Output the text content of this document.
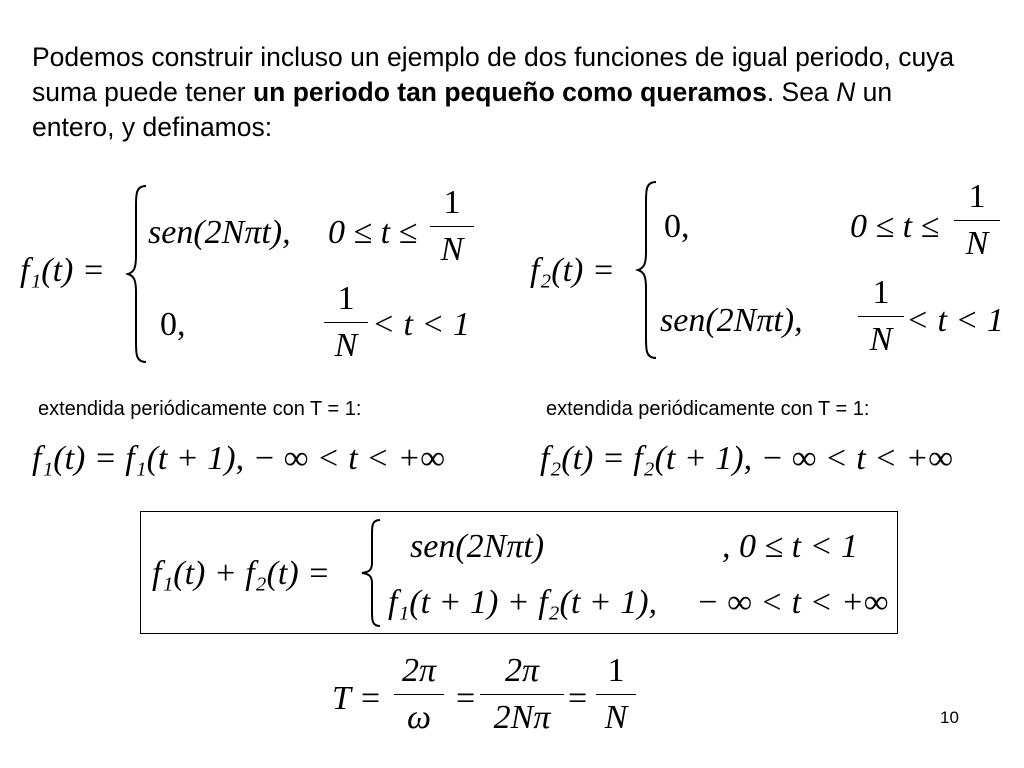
Podemos construir incluso un ejemplo de dos funciones de igual periodo, cuya suma puede tener un periodo tan pequeño como queramos. Sea N un entero, y definamos:

f₁(t) =
sen(2Nπt), 0 ≤ t ≤
1
N
0,
1
N
< t < 1
f₂(t) =
0,	0 ≤ t ≤
1
N
sen(2Nπt),
1
N
< t < 1
extendida periódicamente con T = 1:	extendida periódicamente con T = 1:
f₁(t) = f₁(t + 1), − ∞ < t < +∞	f₂(t) = f₂(t + 1), − ∞ < t < +∞
f₁(t) + f₂(t) =
sen(2Nπt)	, 0 ≤ t < 1
f₁(t + 1) + f₂(t + 1), − ∞ < t < +∞
T =
2π
ω
=
2π
2Nπ
=
1
N	10
